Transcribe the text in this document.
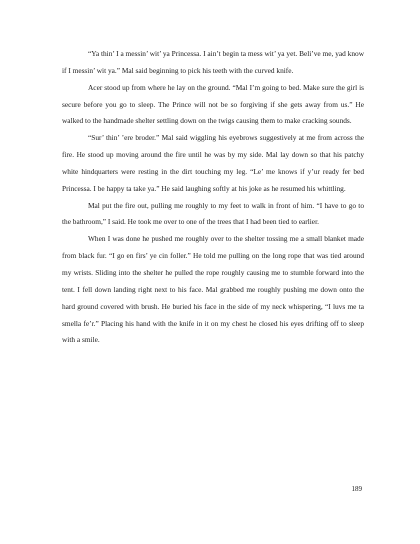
“Ya thin’ I a messin’ wit’ ya Princessa. I ain’t begin ta mess wit’ ya yet. Beli’ve me, yad know if I messin’ wit ya.” Mal said beginning to pick his teeth with the curved knife.

Acer stood up from where he lay on the ground. “Mal I’m going to bed. Make sure the girl is secure before you go to sleep. The Prince will not be so forgiving if she gets away from us.” He walked to the handmade shelter settling down on the twigs causing them to make cracking sounds.

“Sur’ thin’ ’ere broder.” Mal said wiggling his eyebrows suggestively at me from across the fire. He stood up moving around the fire until he was by my side. Mal lay down so that his patchy white hindquarters were resting in the dirt touching my leg. “Le’ me knows if y’ur ready fer bed Princessa. I be happy ta take ya.” He said laughing softly at his joke as he resumed his whittling.

Mal put the fire out, pulling me roughly to my feet to walk in front of him. “I have to go to the bathroom,” I said. He took me over to one of the trees that I had been tied to earlier.

When I was done he pushed me roughly over to the shelter tossing me a small blanket made from black fur. “I go en firs’ ye cin foller.” He told me pulling on the long rope that was tied around my wrists. Sliding into the shelter he pulled the rope roughly causing me to stumble forward into the tent. I fell down landing right next to his face. Mal grabbed me roughly pushing me down onto the hard ground covered with brush. He buried his face in the side of my neck whispering, “I luvs me ta smella fe’r.” Placing his hand with the knife in it on my chest he closed his eyes drifting off to sleep with a smile.

189
